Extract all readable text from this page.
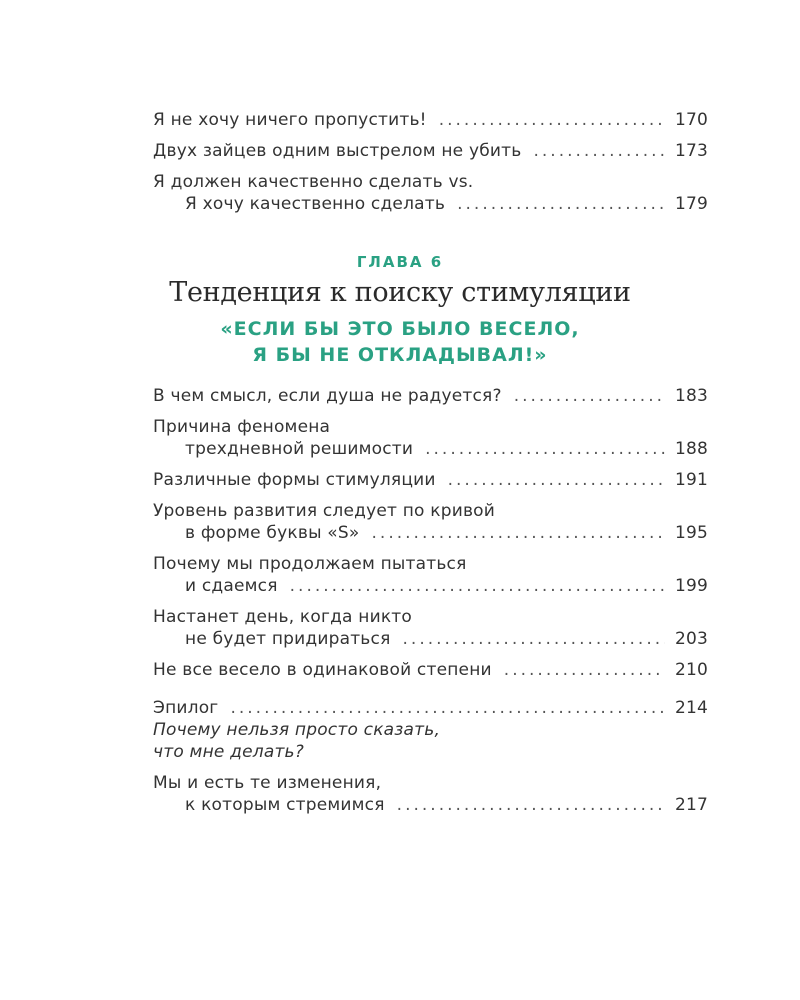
Я не хочу ничего пропустить! . . .	170
Двух зайцев одним выстрелом не убить . . .	173
Я должен качественно сделать vs.
Я хочу качественно сделать . . .	179
ГЛАВА 6
Тенденция к поиску стимуляции
«ЕСЛИ БЫ ЭТО БЫЛО ВЕСЕЛО,
Я БЫ НЕ ОТКЛАДЫВАЛ!»
В чем смысл, если душа не радуется? . . .	183
Причина феномена
трехдневной решимости . . .	188
Различные формы стимуляции . . .	191
Уровень развития следует по кривой
в форме буквы «S» . . .	195
Почему мы продолжаем пытаться
и сдаемся . . .	199
Настанет день, когда никто
не будет придираться . . .	203
Не все весело в одинаковой степени . . .	210
Эпилог . . .	214
Почему нельзя просто сказать,
что мне делать?
Мы и есть те изменения,
к которым стремимся . . .	217
